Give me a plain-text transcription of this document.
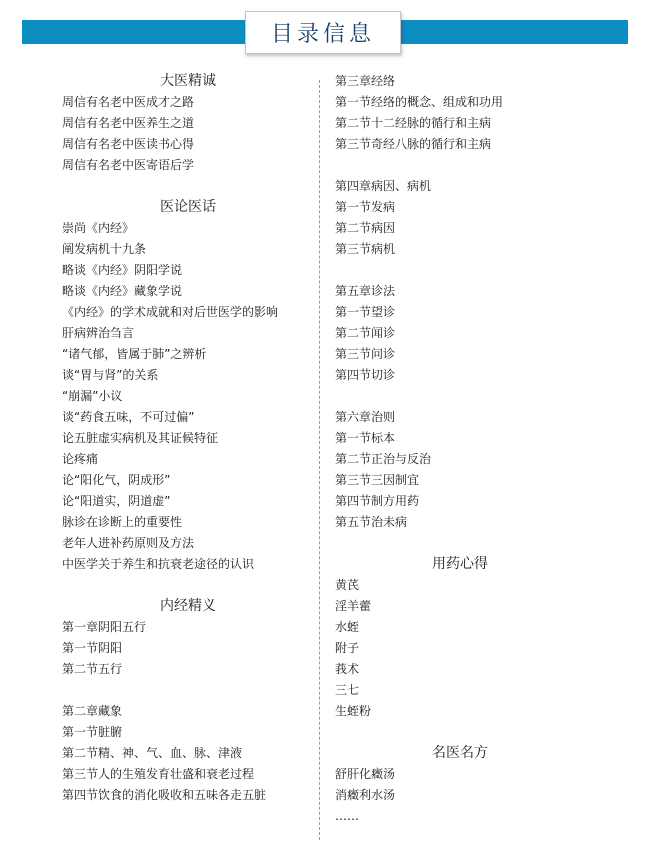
目录信息
大医精诚
周信有名老中医成才之路
周信有名老中医养生之道
周信有名老中医读书心得
周信有名老中医寄语后学
医论医话
崇尚《内经》
阐发病机十九条
略谈《内经》阴阳学说
略谈《内经》藏象学说
《内经》的学术成就和对后世医学的影响
肝病辨治刍言
“诸气郁，皆属于肺”之辨析
谈“胃与肾”的关系
“崩漏”小议
谈“药食五味，不可过偏”
论五脏虚实病机及其证候特征
论疼痛
论“阳化气，阴成形”
论“阳道实，阴道虚”
脉诊在诊断上的重要性
老年人进补药原则及方法
中医学关于养生和抗衰老途径的认识
内经精义
第一章阴阳五行
第一节阴阳
第二节五行
第二章藏象
第一节脏腑
第二节精、神、气、血、脉、津液
第三节人的生殖发育壮盛和衰老过程
第四节饮食的消化吸收和五味各走五脏
第三章经络
第一节经络的概念、组成和功用
第二节十二经脉的循行和主病
第三节奇经八脉的循行和主病
第四章病因、病机
第一节发病
第二节病因
第三节病机
第五章诊法
第一节望诊
第二节闻诊
第三节问诊
第四节切诊
第六章治则
第一节标本
第二节正治与反治
第三节三因制宜
第四节制方用药
第五节治未病
用药心得
黄芪
淫羊藿
水蛭
附子
莪术
三七
生蛭粉
名医名方
舒肝化癥汤
消癥利水汤
……
